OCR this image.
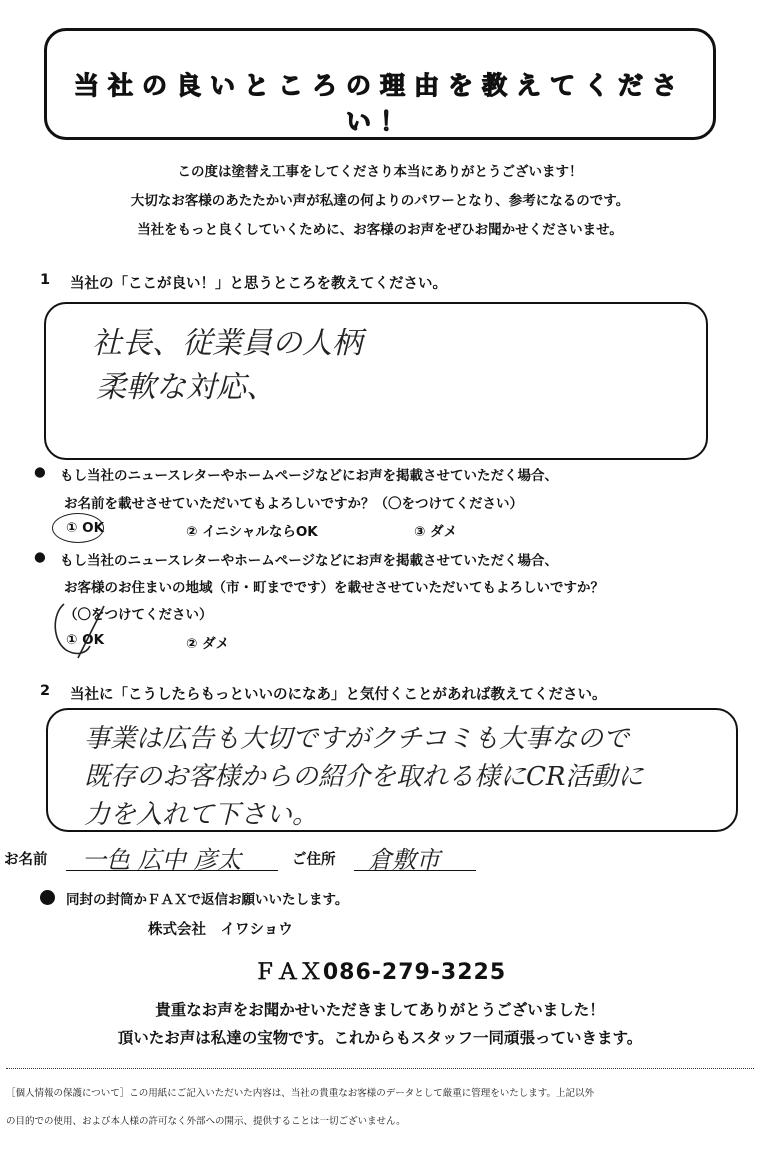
当社の良いところの理由を教えてください！
この度は塗替え工事をしてくださり本当にありがとうございます！
大切なお客様のあたたかい声が私達の何よりのパワーとなり、参考になるのです。
当社をもっと良くしていくために、お客様のお声をぜひお聞かせくださいませ。
1 当社の「ここが良い！」と思うところを教えてください。
社長、従業員の人柄
柔軟な対応、
● もし当社のニュースレターやホームページなどにお声を掲載させていただく場合、
お名前を載せさせていただいてもよろしいですか？（〇をつけてください）
① OK	② イニシャルならOK	③ ダメ
● もし当社のニュースレターやホームページなどにお声を掲載させていただく場合、
お客様のお住まいの地域（市・町までです）を載せさせていただいてもよろしいですか？
（〇をつけてください）
① OK	② ダメ
2 当社に「こうしたらもっといいのになあ」と気付くことがあれば教えてください。
事業は広告も大切ですがクチコミも大事なので
既存のお客様からの紹介を取れる様にCR活動に
力を入れて下さい。
お名前 一色 広中 彦太	ご住所 倉敷市
同封の封筒かＦＡＸで返信お願いいたします。
株式会社　イワショウ
ＦＡＸ086-279-3225
貴重なお声をお聞かせいただきましてありがとうございました！
頂いたお声は私達の宝物です。これからもスタッフ一同頑張っていきます。
［個人情報の保護について］この用紙にご記入いただいた内容は、当社の貴重なお客様のデータとして厳重に管理をいたします。上記以外
の目的での使用、および本人様の許可なく外部への開示、提供することは一切ございません。
